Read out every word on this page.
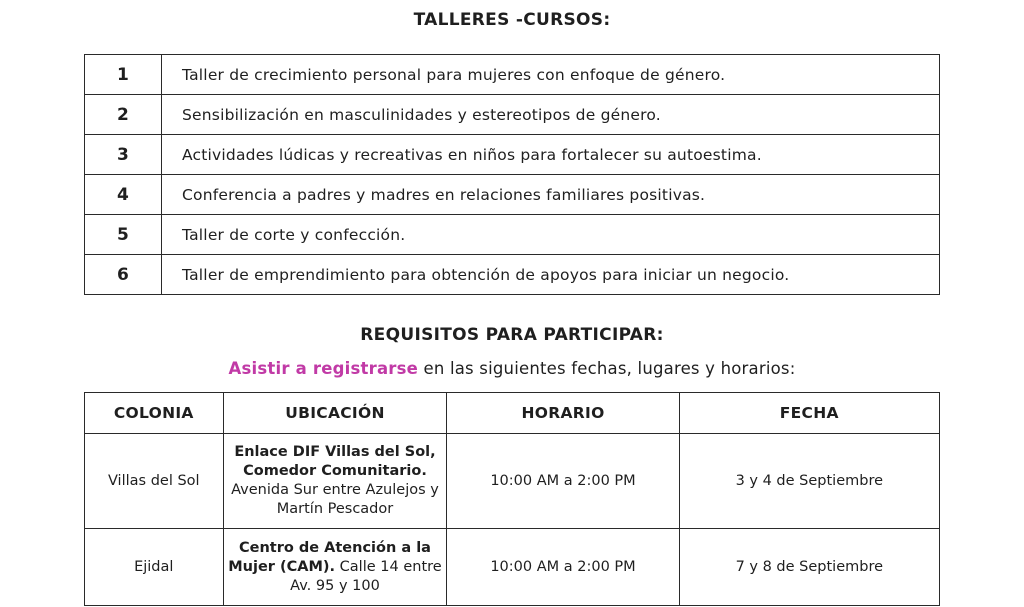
TALLERES -CURSOS:
1	Taller de crecimiento personal para mujeres con enfoque de género.
2	Sensibilización en masculinidades y estereotipos de género.
3	Actividades lúdicas y recreativas en niños para fortalecer su autoestima.
4	Conferencia a padres y madres en relaciones familiares positivas.
5	Taller de corte y confección.
6	Taller de emprendimiento para obtención de apoyos para iniciar un negocio.
REQUISITOS PARA PARTICIPAR:
Asistir a registrarse en las siguientes fechas, lugares y horarios:
COLONIA	UBICACIÓN	HORARIO	FECHA
Villas del Sol	Enlace DIF Villas del Sol, Comedor Comunitario. Avenida Sur entre Azulejos y Martín Pescador	10:00 AM a 2:00 PM	3 y 4 de Septiembre
Ejidal	Centro de Atención a la Mujer (CAM). Calle 14 entre Av. 95 y 100	10:00 AM a 2:00 PM	7 y 8 de Septiembre
